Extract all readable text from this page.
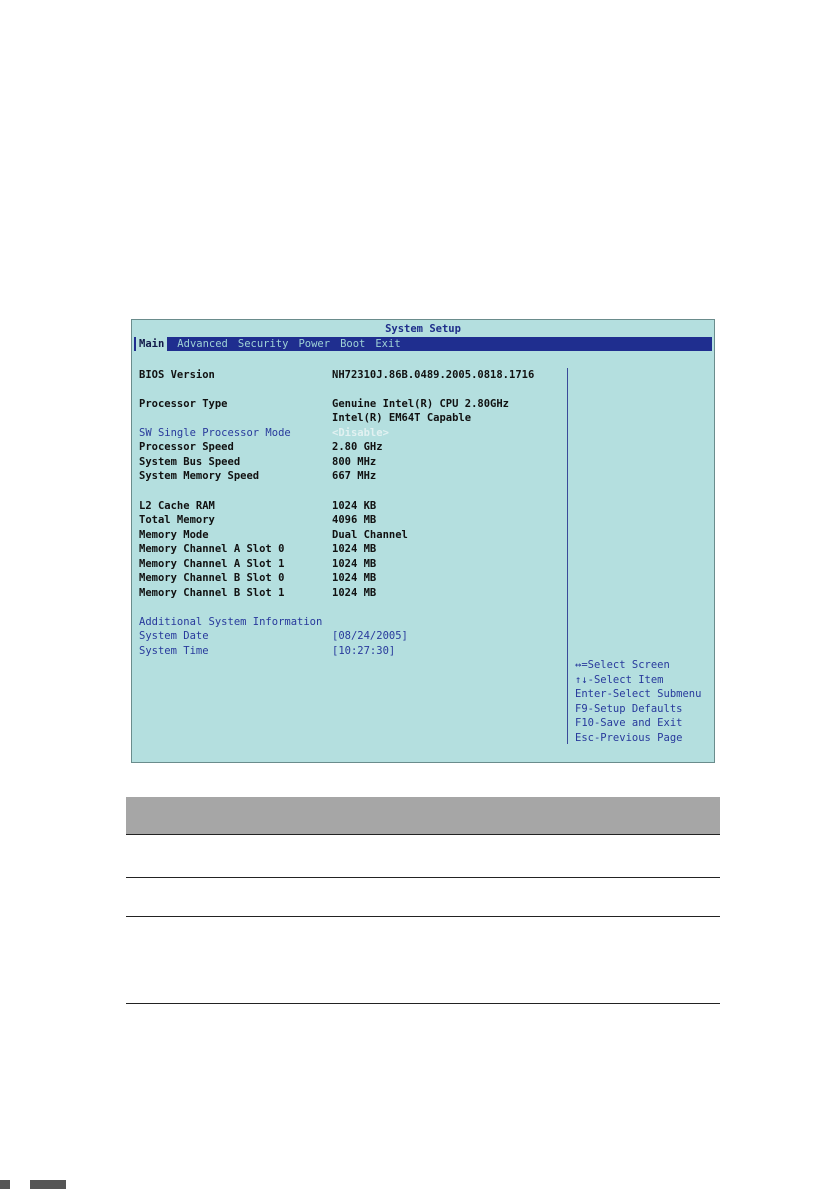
System Setup
Main Advanced Security Power Boot Exit
BIOS Version	NH72310J.86B.0489.2005.0818.1716
Processor Type	Genuine Intel(R) CPU 2.80GHz
Intel(R) EM64T Capable
SW Single Processor Mode	<Disable>
Processor Speed	2.80 GHz
System Bus Speed	800 MHz
System Memory Speed	667 MHz
L2 Cache RAM	1024 KB
Total Memory	4096 MB
Memory Mode	Dual Channel
Memory Channel A Slot 0	1024 MB
Memory Channel A Slot 1	1024 MB
Memory Channel B Slot 0	1024 MB
Memory Channel B Slot 1	1024 MB
Additional System Information
System Date	[08/24/2005]
System Time	[10:27:30]
↔=Select Screen
↑↓-Select Item
Enter-Select Submenu
F9-Setup Defaults
F10-Save and Exit
Esc-Previous Page
